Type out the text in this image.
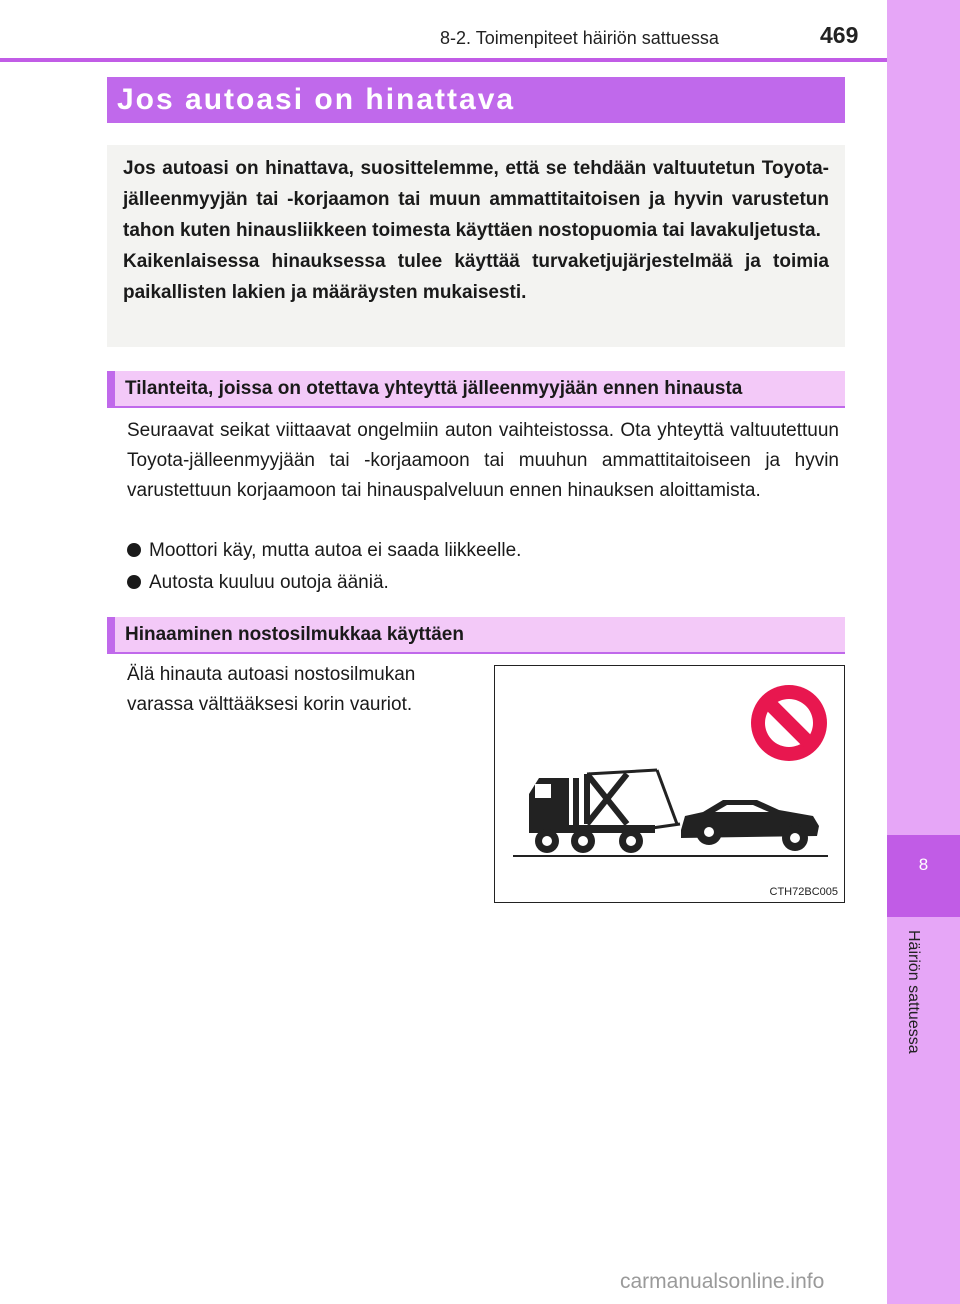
8
Häiriön sattuessa
8-2. Toimenpiteet häiriön sattuessa	469
Jos autoasi on hinattava

Jos autoasi on hinattava, suosittelemme, että se tehdään valtuutetun Toyota-jälleenmyyjän tai -korjaamon tai muun ammattitaitoisen ja hyvin varustetun tahon kuten hinausliikkeen toimesta käyttäen nostopuomia tai lavakuljetusta.

Kaikenlaisessa hinauksessa tulee käyttää turvaketjujärjestelmää ja toimia paikallisten lakien ja määräysten mukaisesti.

Tilanteita, joissa on otettava yhteyttä jälleenmyyjään ennen hinausta

Seuraavat seikat viittaavat ongelmiin auton vaihteistossa. Ota yhteyttä valtuutettuun Toyota-jälleenmyyjään tai -korjaamoon tai muuhun ammattitaitoiseen ja hyvin varustettuun korjaamoon tai hinauspalveluun ennen hinauksen aloittamista.

Moottori käy, mutta autoa ei saada liikkeelle.
Autosta kuuluu outoja ääniä.
Hinaaminen nostosilmukkaa käyttäen

Älä hinauta autoasi nostosilmukan varassa välttääksesi korin vauriot.

CTH72BC005
carmanualsonline.info
